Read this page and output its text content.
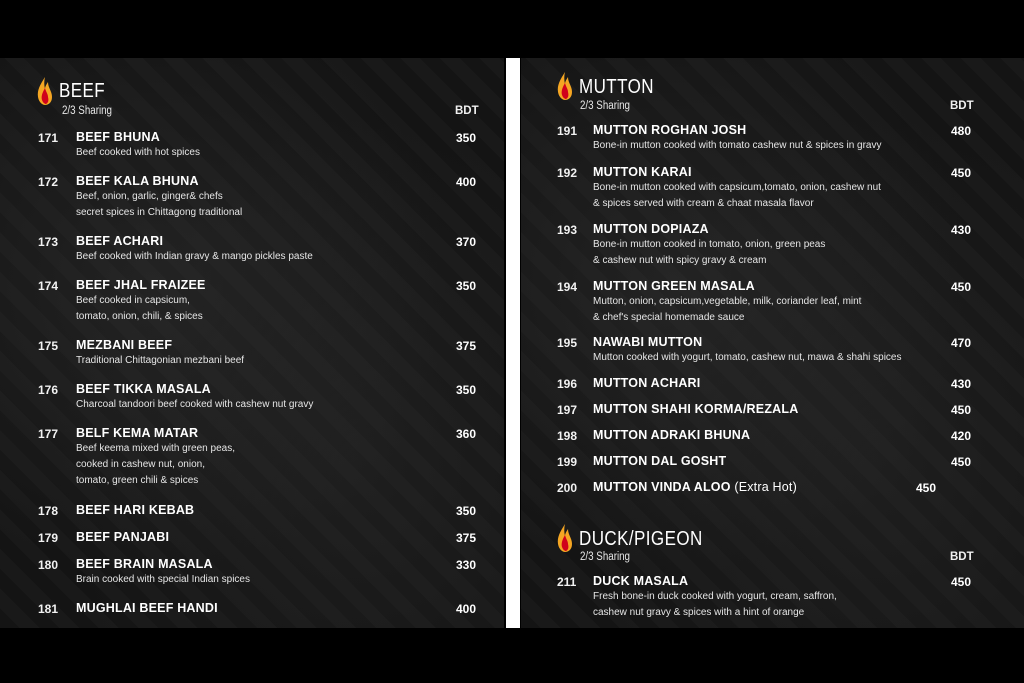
BEEF
2/3 Sharing	BDT
171 BEEF BHUNA	350
Beef cooked with hot spices
172 BEEF KALA BHUNA	400
Beef, onion, garlic, ginger& chefs
secret spices in Chittagong traditional
173 BEEF ACHARI	370
Beef cooked with Indian gravy & mango pickles paste
174 BEEF JHAL FRAIZEE	350
Beef cooked in capsicum,
tomato, onion, chili, & spices
175 MEZBANI BEEF	375
Traditional Chittagonian mezbani beef
176 BEEF TIKKA MASALA	350
Charcoal tandoori beef cooked with cashew nut gravy
177 BELF KEMA MATAR	360
Beef keema mixed with green peas,
cooked in cashew nut, onion,
tomato, green chili & spices
178 BEEF HARI KEBAB	350
179 BEEF PANJABI	375
180 BEEF BRAIN MASALA	330
Brain cooked with special Indian spices
181 MUGHLAI BEEF HANDI	400
MUTTON
2/3 Sharing	BDT
191 MUTTON ROGHAN JOSH	480
Bone-in mutton cooked with tomato cashew nut & spices in gravy
192 MUTTON KARAI	450
Bone-in mutton cooked with capsicum,tomato, onion, cashew nut
& spices served with cream & chaat masala flavor
193 MUTTON DOPIAZA	430
Bone-in mutton cooked in tomato, onion, green peas
& cashew nut with spicy gravy & cream
194 MUTTON GREEN MASALA	450
Mutton, onion, capsicum,vegetable, milk, coriander leaf, mint
& chef's special homemade sauce
195 NAWABI MUTTON	470
Mutton cooked with yogurt, tomato, cashew nut, mawa & shahi spices
196 MUTTON ACHARI	430
197 MUTTON SHAHI KORMA/REZALA	450
198 MUTTON ADRAKI BHUNA	420
199 MUTTON DAL GOSHT	450
200 MUTTON VINDA ALOO (Extra Hot)	450
DUCK/PIGEON
2/3 Sharing	BDT
211 DUCK MASALA	450
Fresh bone-in duck cooked with yogurt, cream, saffron,
cashew nut gravy & spices with a hint of orange
